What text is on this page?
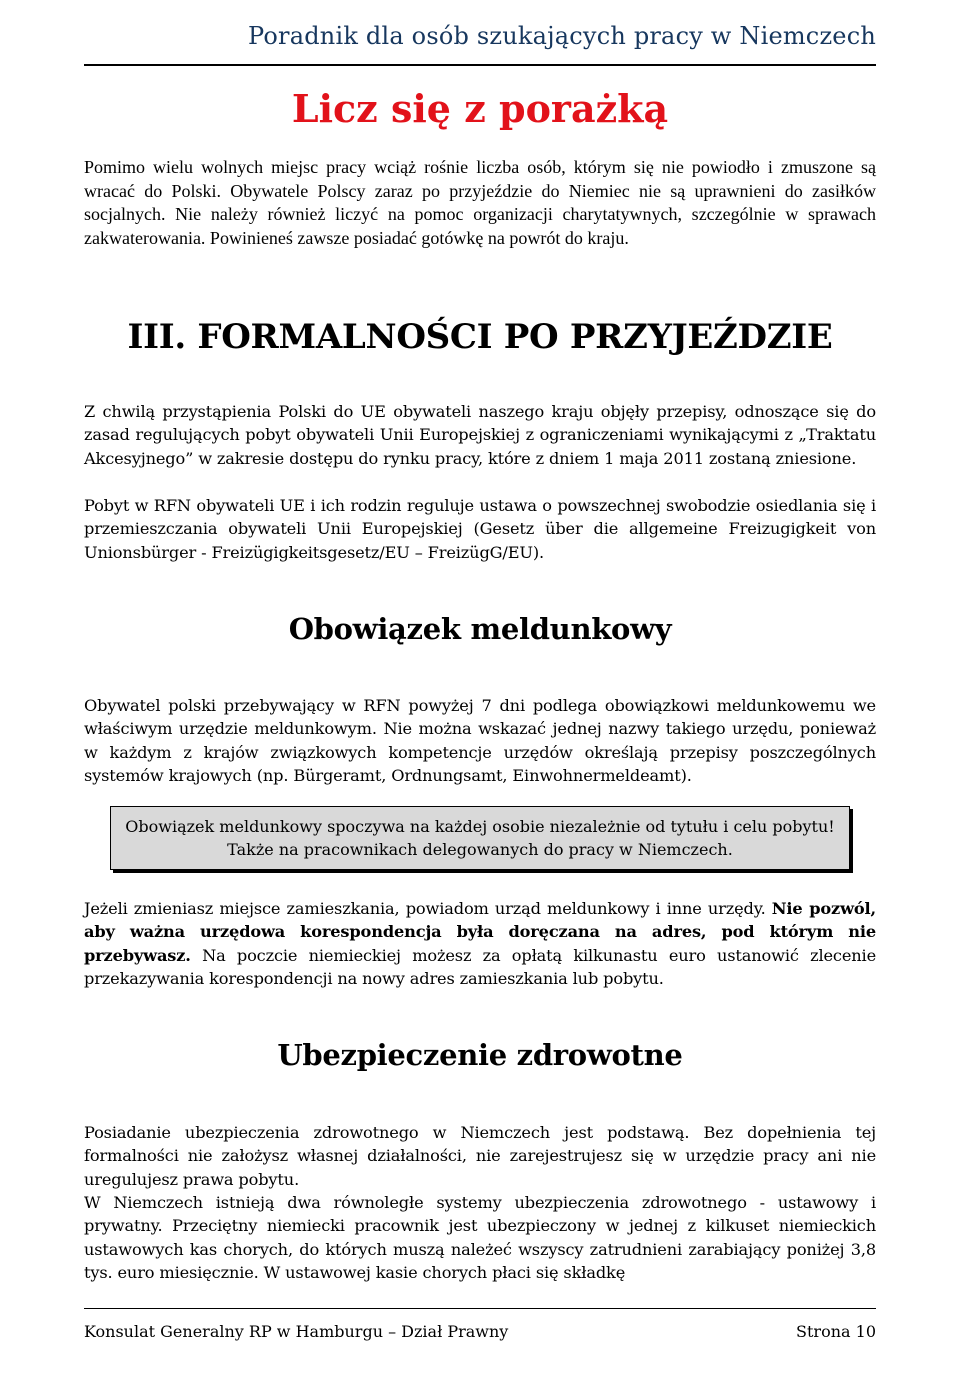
Poradnik dla osób szukających pracy w Niemczech
Licz się z porażką

Pomimo wielu wolnych miejsc pracy wciąż rośnie liczba osób, którym się nie powiodło i zmuszone są wracać do Polski. Obywatele Polscy zaraz po przyjeździe do Niemiec nie są uprawnieni do zasiłków socjalnych. Nie należy również liczyć na pomoc organizacji charytatywnych, szczególnie w sprawach zakwaterowania. Powinieneś zawsze posiadać gotówkę na powrót do kraju.

III. FORMALNOŚCI PO PRZYJEŹDZIE

Z chwilą przystąpienia Polski do UE obywateli naszego kraju objęły przepisy, odnoszące się do zasad regulujących pobyt obywateli Unii Europejskiej z ograniczeniami wynikającymi z „Traktatu Akcesyjnego” w zakresie dostępu do rynku pracy, które z dniem 1 maja 2011 zostaną zniesione.

Pobyt w RFN obywateli UE i ich rodzin reguluje ustawa o powszechnej swobodzie osiedlania się i przemieszczania obywateli Unii Europejskiej (Gesetz über die allgemeine Freizugigkeit von Unionsbürger - Freizügigkeitsgesetz/EU – FreizügG/EU).

Obowiązek meldunkowy

Obywatel polski przebywający w RFN powyżej 7 dni podlega obowiązkowi meldunkowemu we właściwym urzędzie meldunkowym. Nie można wskazać jednej nazwy takiego urzędu, ponieważ w każdym z krajów związkowych kompetencje urzędów określają przepisy poszczególnych systemów krajowych (np. Bürgeramt, Ordnungsamt, Einwohnermeldeamt).

Obowiązek meldunkowy spoczywa na każdej osobie niezależnie od tytułu i celu pobytu! Także na pracownikach delegowanych do pracy w Niemczech.

Jeżeli zmieniasz miejsce zamieszkania, powiadom urząd meldunkowy i inne urzędy. Nie pozwól, aby ważna urzędowa korespondencja była doręczana na adres, pod którym nie przebywasz. Na poczcie niemieckiej możesz za opłatą kilkunastu euro ustanowić zlecenie przekazywania korespondencji na nowy adres zamieszkania lub pobytu.

Ubezpieczenie zdrowotne

Posiadanie ubezpieczenia zdrowotnego w Niemczech jest podstawą. Bez dopełnienia tej formalności nie założysz własnej działalności, nie zarejestrujesz się w urzędzie pracy ani nie uregulujesz prawa pobytu.

W Niemczech istnieją dwa równoległe systemy ubezpieczenia zdrowotnego - ustawowy i prywatny. Przeciętny niemiecki pracownik jest ubezpieczony w jednej z kilkuset niemieckich ustawowych kas chorych, do których muszą należeć wszyscy zatrudnieni zarabiający poniżej 3,8 tys. euro miesięcznie. W ustawowej kasie chorych płaci się składkę

Konsulat Generalny RP w Hamburgu – Dział Prawny	Strona 10
